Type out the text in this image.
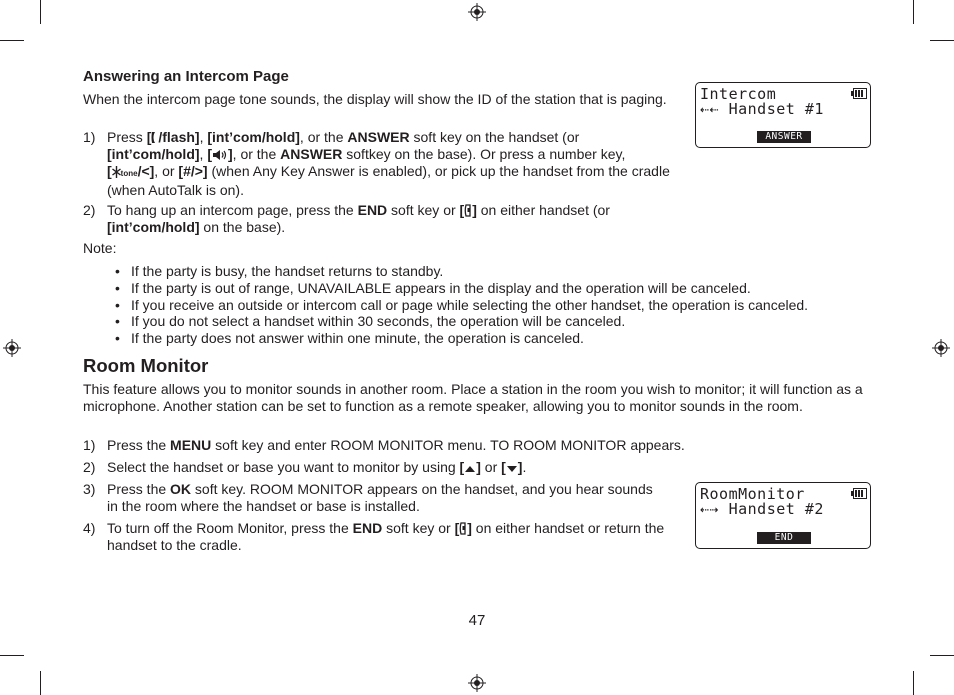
Answering an Intercom Page

When the intercom page tone sounds, the display will show the ID of the station that is paging.

1) Press [ /flash], [int’com/hold], or the ANSWER soft key on the handset (or
[int’com/hold], [ ], or the ANSWER softkey on the base). Or press a number key,
[ tone/<], or [#/>] (when Any Key Answer is enabled), or pick up the handset from the cradle (when AutoTalk is on).

2) To hang up an intercom page, press the END soft key or [ ] on either handset (or
[int’com/hold] on the base).

Note:

• If the party is busy, the handset returns to standby.
• If the party is out of range, UNAVAILABLE appears in the display and the operation will be canceled.
• If you receive an outside or intercom call or page while selecting the other handset, the operation is canceled.
• If you do not select a handset within 30 seconds, the operation will be canceled.
• If the party does not answer within one minute, the operation is canceled.
Intercom
⇠⇠ Handset #1
ANSWER
Room Monitor

This feature allows you to monitor sounds in another room. Place a station in the room you wish to monitor; it will function as a microphone. Another station can be set to function as a remote speaker, allowing you to monitor sounds in the room.

1) Press the MENU soft key and enter ROOM MONITOR menu. TO ROOM MONITOR appears.

2) Select the handset or base you want to monitor by using [ ] or [ ].

3) Press the OK soft key. ROOM MONITOR appears on the handset, and you hear sounds in the room where the handset or base is installed.

4) To turn off the Room Monitor, press the END soft key or [ ] on either handset or return the handset to the cradle.

RoomMonitor
⇠⇢ Handset #2
END
47
